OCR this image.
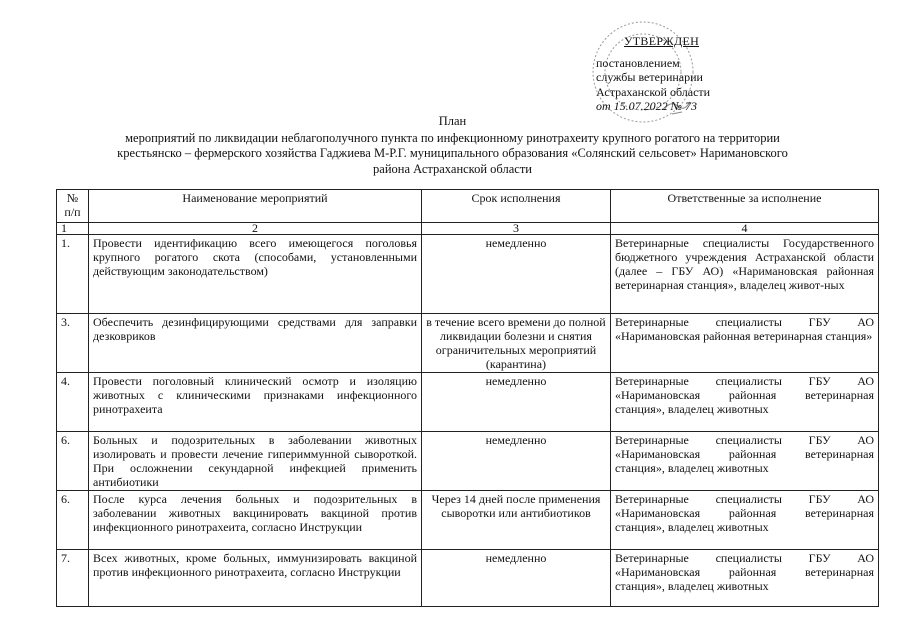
УТВЕРЖДЕН
постановлением
службы ветеринарии
Астраханской области
от 15.07.2022 № 73
План
мероприятий по ликвидации неблагополучного пункта по инфекционному ринотрахеиту крупного рогатого на территории крестьянско – фермерского хозяйства Гаджиева М-Р.Г. муниципального образования «Солянский сельсовет» Наримановского района Астраханской области
№
п/п	Наименование мероприятий	Срок исполнения	Ответственные за исполнение
1	2	3	4
1.	Провести идентификацию всего имеющегося поголовья крупного рогатого скота (способами, установленными действующим законодательством)	немедленно	Ветеринарные специалисты Государственного бюджетного учреждения Астраханской области (далее – ГБУ АО) «Наримановская районная ветеринарная станция», владелец живот-ных

3.	Обеспечить дезинфицирующими средствами для заправки дезковриков	в течение всего времени до полной ликвидации болезни и снятия ограничительных мероприятий (карантина)	Ветеринарные специалисты ГБУ АО «Наримановская районная ветеринарная станция»
4.	Провести поголовный клинический осмотр и изоляцию животных с клиническими признаками инфекционного ринотрахеита	немедленно	Ветеринарные специалисты ГБУ АО «Наримановская районная ветеринарная станция», владелец животных
6.	Больных и подозрительных в заболевании животных изолировать и провести лечение гипериммунной сывороткой. При осложнении секундарной инфекцией применить антибиотики	немедленно	Ветеринарные специалисты ГБУ АО «Наримановская районная ветеринарная станция», владелец животных
6.	После курса лечения больных и подозрительных в заболевании животных вакцинировать вакциной против инфекционного ринотрахеита, согласно Инструкции	Через 14 дней после применения сыворотки или антибиотиков	Ветеринарные специалисты ГБУ АО «Наримановская районная ветеринарная станция», владелец животных
7.	Всех животных, кроме больных, иммунизировать вакциной против инфекционного ринотрахеита, согласно Инструкции	немедленно	Ветеринарные специалисты ГБУ АО «Наримановская районная ветеринарная станция», владелец животных
